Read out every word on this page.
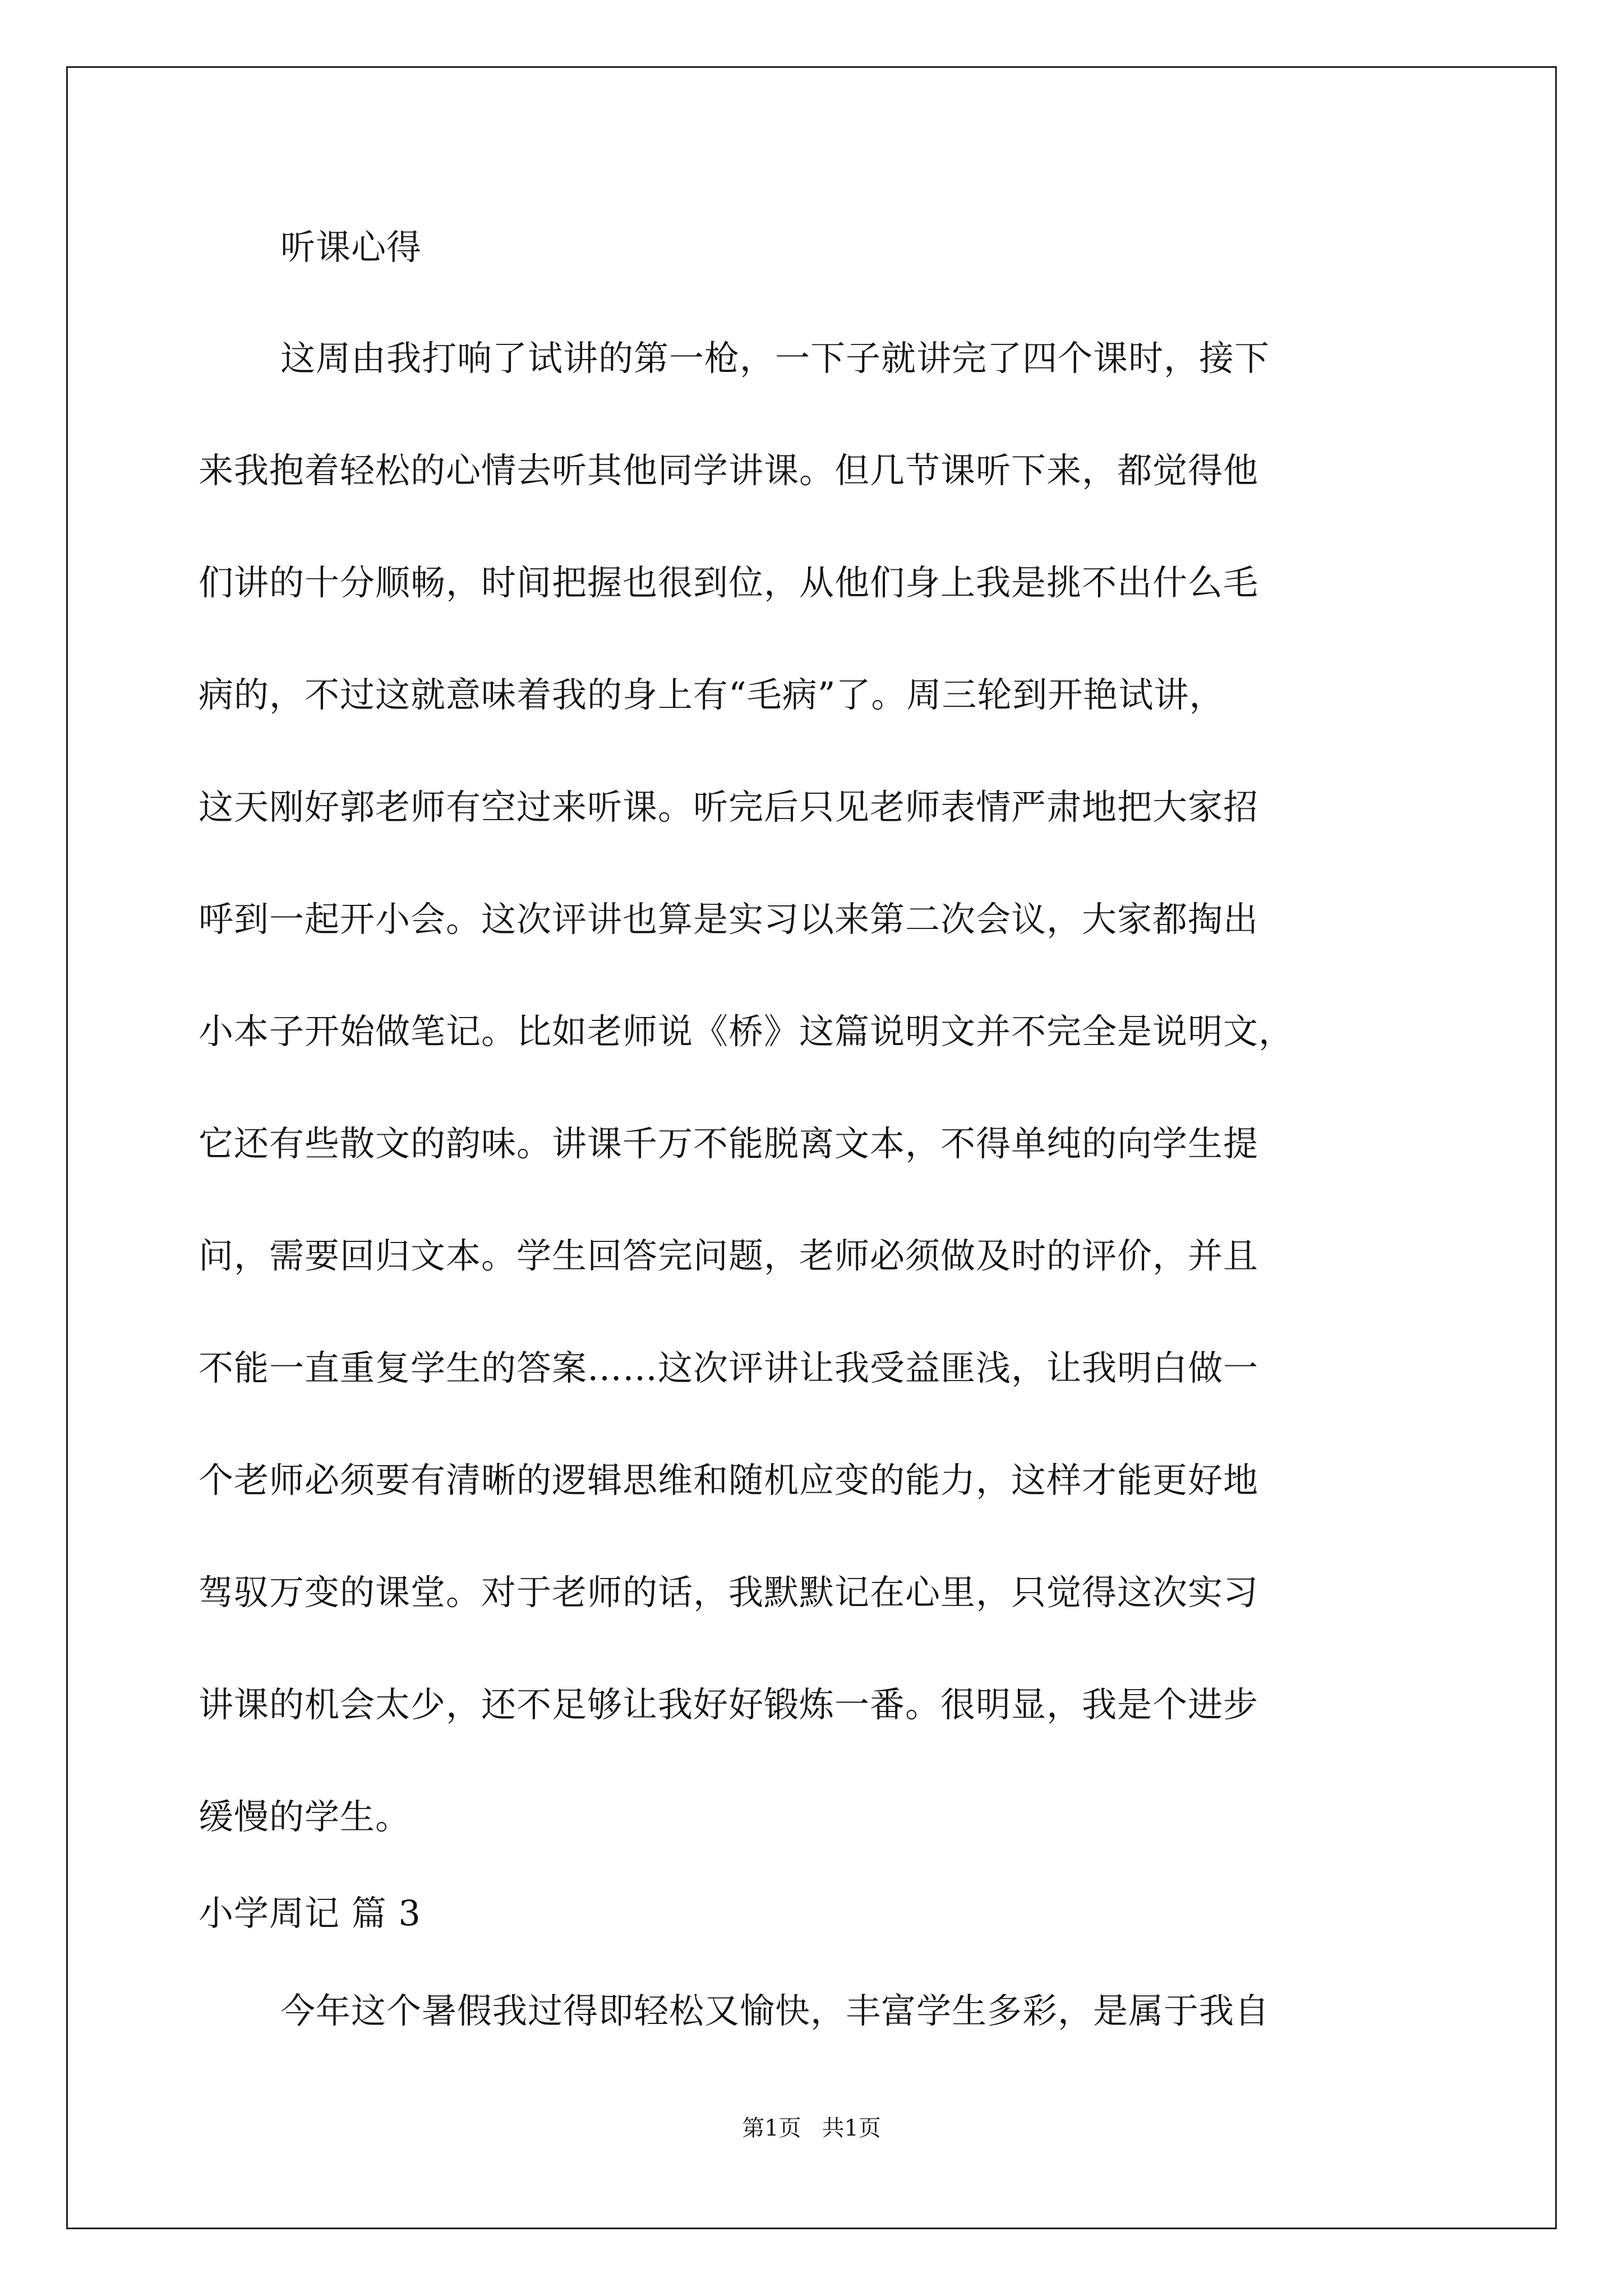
听课心得
这周由我打响了试讲的第一枪，一下子就讲完了四个课时，接下
来我抱着轻松的心情去听其他同学讲课。但几节课听下来，都觉得他
们讲的十分顺畅，时间把握也很到位，从他们身上我是挑不出什么毛
病的，不过这就意味着我的身上有“毛病”了。周三轮到开艳试讲，
这天刚好郭老师有空过来听课。听完后只见老师表情严肃地把大家招
呼到一起开小会。这次评讲也算是实习以来第二次会议，大家都掏出
小本子开始做笔记。比如老师说《桥》这篇说明文并不完全是说明文，
它还有些散文的韵味。讲课千万不能脱离文本，不得单纯的向学生提
问，需要回归文本。学生回答完问题，老师必须做及时的评价，并且
不能一直重复学生的答案……这次评讲让我受益匪浅，让我明白做一
个老师必须要有清晰的逻辑思维和随机应变的能力，这样才能更好地
驾驭万变的课堂。对于老师的话，我默默记在心里，只觉得这次实习
讲课的机会太少，还不足够让我好好锻炼一番。很明显，我是个进步
缓慢的学生。
小学周记 篇 3
今年这个暑假我过得即轻松又愉快，丰富学生多彩，是属于我自
第1页 共1页
